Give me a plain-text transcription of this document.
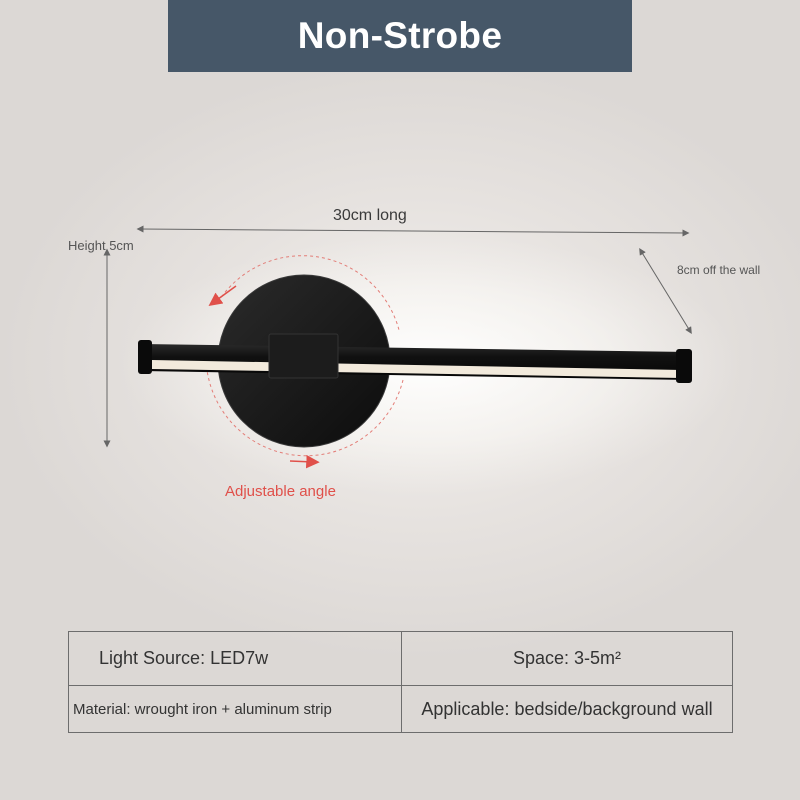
Non-Strobe
30cm long
Height 5cm
8cm off the wall
Adjustable angle
Light Source: LED7w	Space: 3-5m²
Material: wrought iron + aluminum strip	Applicable: bedside/background wall
